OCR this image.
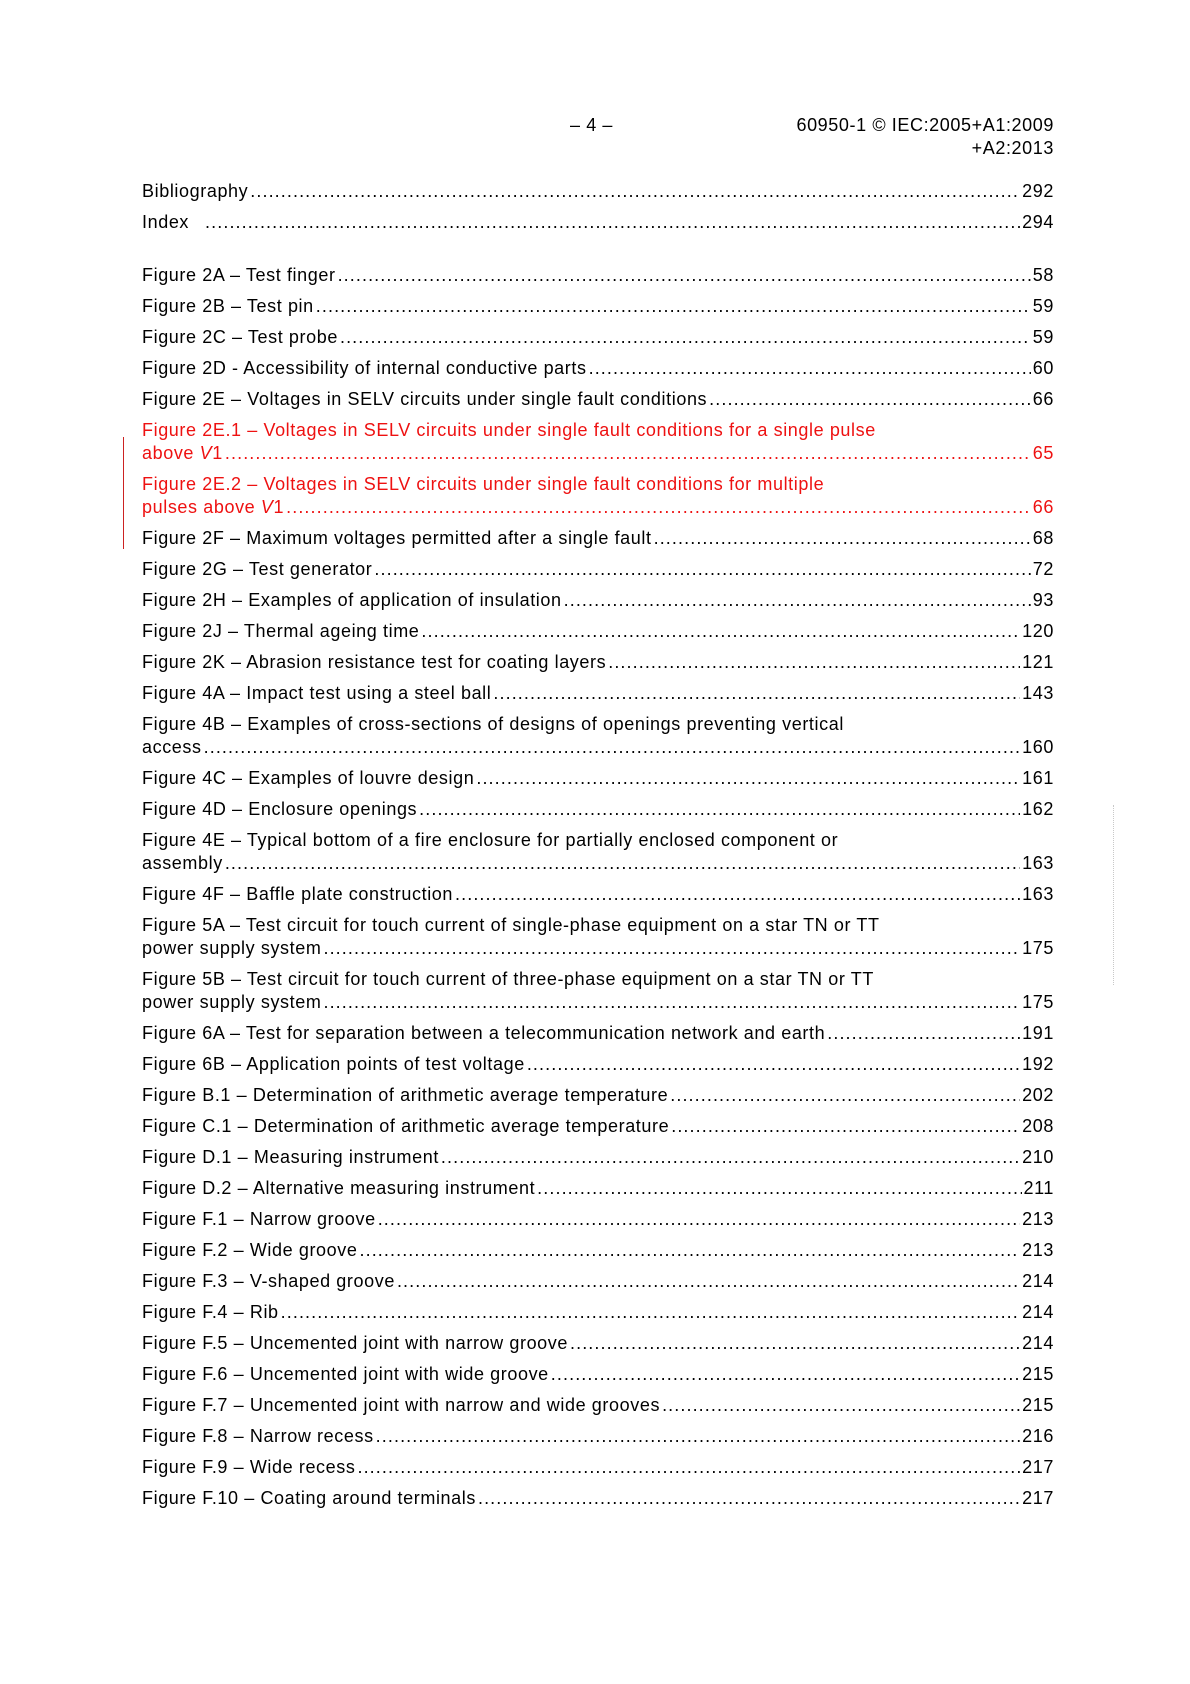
– 4 –	60950-1 © IEC:2005+A1:2009
+A2:2013
Bibliography .....	292
Index .....	294
Figure 2A – Test finger .....	58
Figure 2B – Test pin .....	59
Figure 2C – Test probe .....	59
Figure 2D - Accessibility of internal conductive parts .....	60
Figure 2E – Voltages in SELV circuits under single fault conditions .....	66
Figure 2E.1 – Voltages in SELV circuits under single fault conditions for a single pulse
above V1 .....	65
Figure 2E.2 – Voltages in SELV circuits under single fault conditions for multiple
pulses above V1 .....	66
Figure 2F – Maximum voltages permitted after a single fault .....	68
Figure 2G – Test generator .....	72
Figure 2H – Examples of application of insulation .....	93
Figure 2J – Thermal ageing time .....	120
Figure 2K – Abrasion resistance test for coating layers .....	121
Figure 4A – Impact test using a steel ball .....	143
Figure 4B – Examples of cross-sections of designs of openings preventing vertical
access .....	160
Figure 4C – Examples of louvre design .....	161
Figure 4D – Enclosure openings .....	162
Figure 4E – Typical bottom of a fire enclosure for partially enclosed component or
assembly .....	163
Figure 4F – Baffle plate construction .....	163
Figure 5A – Test circuit for touch current of single-phase equipment on a star TN or TT
power supply system .....	175
Figure 5B – Test circuit for touch current of three-phase equipment on a star TN or TT
power supply system .....	175
Figure 6A – Test for separation between a telecommunication network and earth .....	191
Figure 6B – Application points of test voltage .....	192
Figure B.1 – Determination of arithmetic average temperature .....	202
Figure C.1 – Determination of arithmetic average temperature .....	208
Figure D.1 – Measuring instrument .....	210
Figure D.2 – Alternative measuring instrument .....	211
Figure F.1 – Narrow groove .....	213
Figure F.2 – Wide groove .....	213
Figure F.3 – V-shaped groove .....	214
Figure F.4 – Rib .....	214
Figure F.5 – Uncemented joint with narrow groove .....	214
Figure F.6 – Uncemented joint with wide groove .....	215
Figure F.7 – Uncemented joint with narrow and wide grooves .....	215
Figure F.8 – Narrow recess .....	216
Figure F.9 – Wide recess .....	217
Figure F.10 – Coating around terminals .....	217
